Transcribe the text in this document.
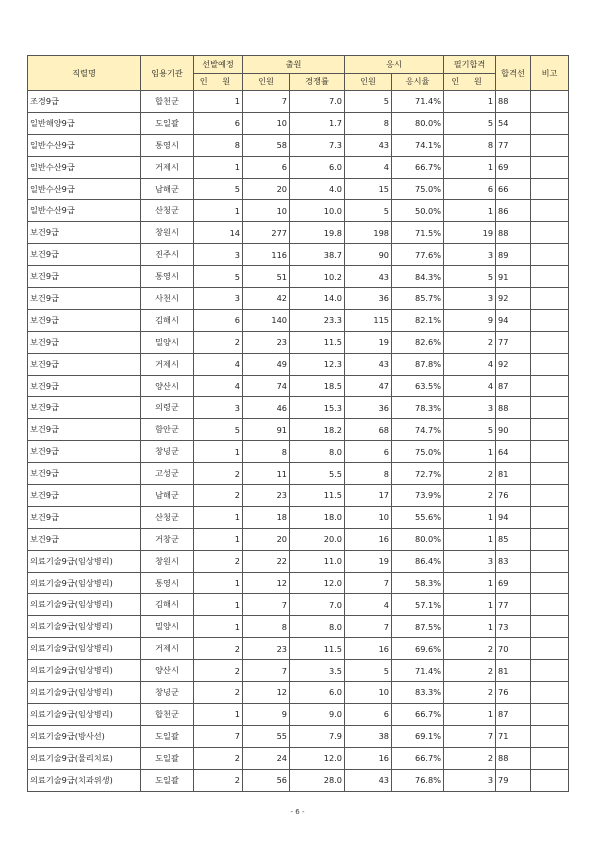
직렬명	임용기관	선발예정	출원		응시		필기합격	합격선	비고
		인 원	인원	경쟁률	인원	응시율	인 원		
조경9급	합천군	1	7	7.0	5	71.4%	1	88	
일반해양9급	도일괄	6	10	1.7	8	80.0%	5	54	
일반수산9급	통영시	8	58	7.3	43	74.1%	8	77	
일반수산9급	거제시	1	6	6.0	4	66.7%	1	69	
일반수산9급	남해군	5	20	4.0	15	75.0%	6	66	
일반수산9급	산청군	1	10	10.0	5	50.0%	1	86	
보건9급	창원시	14	277	19.8	198	71.5%	19	88	
보건9급	진주시	3	116	38.7	90	77.6%	3	89	
보건9급	통영시	5	51	10.2	43	84.3%	5	91	
보건9급	사천시	3	42	14.0	36	85.7%	3	92	
보건9급	김해시	6	140	23.3	115	82.1%	9	94	
보건9급	밀양시	2	23	11.5	19	82.6%	2	77	
보건9급	거제시	4	49	12.3	43	87.8%	4	92	
보건9급	양산시	4	74	18.5	47	63.5%	4	87	
보건9급	의령군	3	46	15.3	36	78.3%	3	88	
보건9급	함안군	5	91	18.2	68	74.7%	5	90	
보건9급	창녕군	1	8	8.0	6	75.0%	1	64	
보건9급	고성군	2	11	5.5	8	72.7%	2	81	
보건9급	남해군	2	23	11.5	17	73.9%	2	76	
보건9급	산청군	1	18	18.0	10	55.6%	1	94	
보건9급	거창군	1	20	20.0	16	80.0%	1	85	
의료기술9급(임상병리)	창원시	2	22	11.0	19	86.4%	3	83	
의료기술9급(임상병리)	통영시	1	12	12.0	7	58.3%	1	69	
의료기술9급(임상병리)	김해시	1	7	7.0	4	57.1%	1	77	
의료기술9급(임상병리)	밀양시	1	8	8.0	7	87.5%	1	73	
의료기술9급(임상병리)	거제시	2	23	11.5	16	69.6%	2	70	
의료기술9급(임상병리)	양산시	2	7	3.5	5	71.4%	2	81	
의료기술9급(임상병리)	창녕군	2	12	6.0	10	83.3%	2	76	
의료기술9급(임상병리)	합천군	1	9	9.0	6	66.7%	1	87	
의료기술9급(방사선)	도일괄	7	55	7.9	38	69.1%	7	71	
의료기술9급(물리치료)	도일괄	2	24	12.0	16	66.7%	2	88	
의료기술9급(치과위생)	도일괄	2	56	28.0	43	76.8%	3	79	
- 6 -
